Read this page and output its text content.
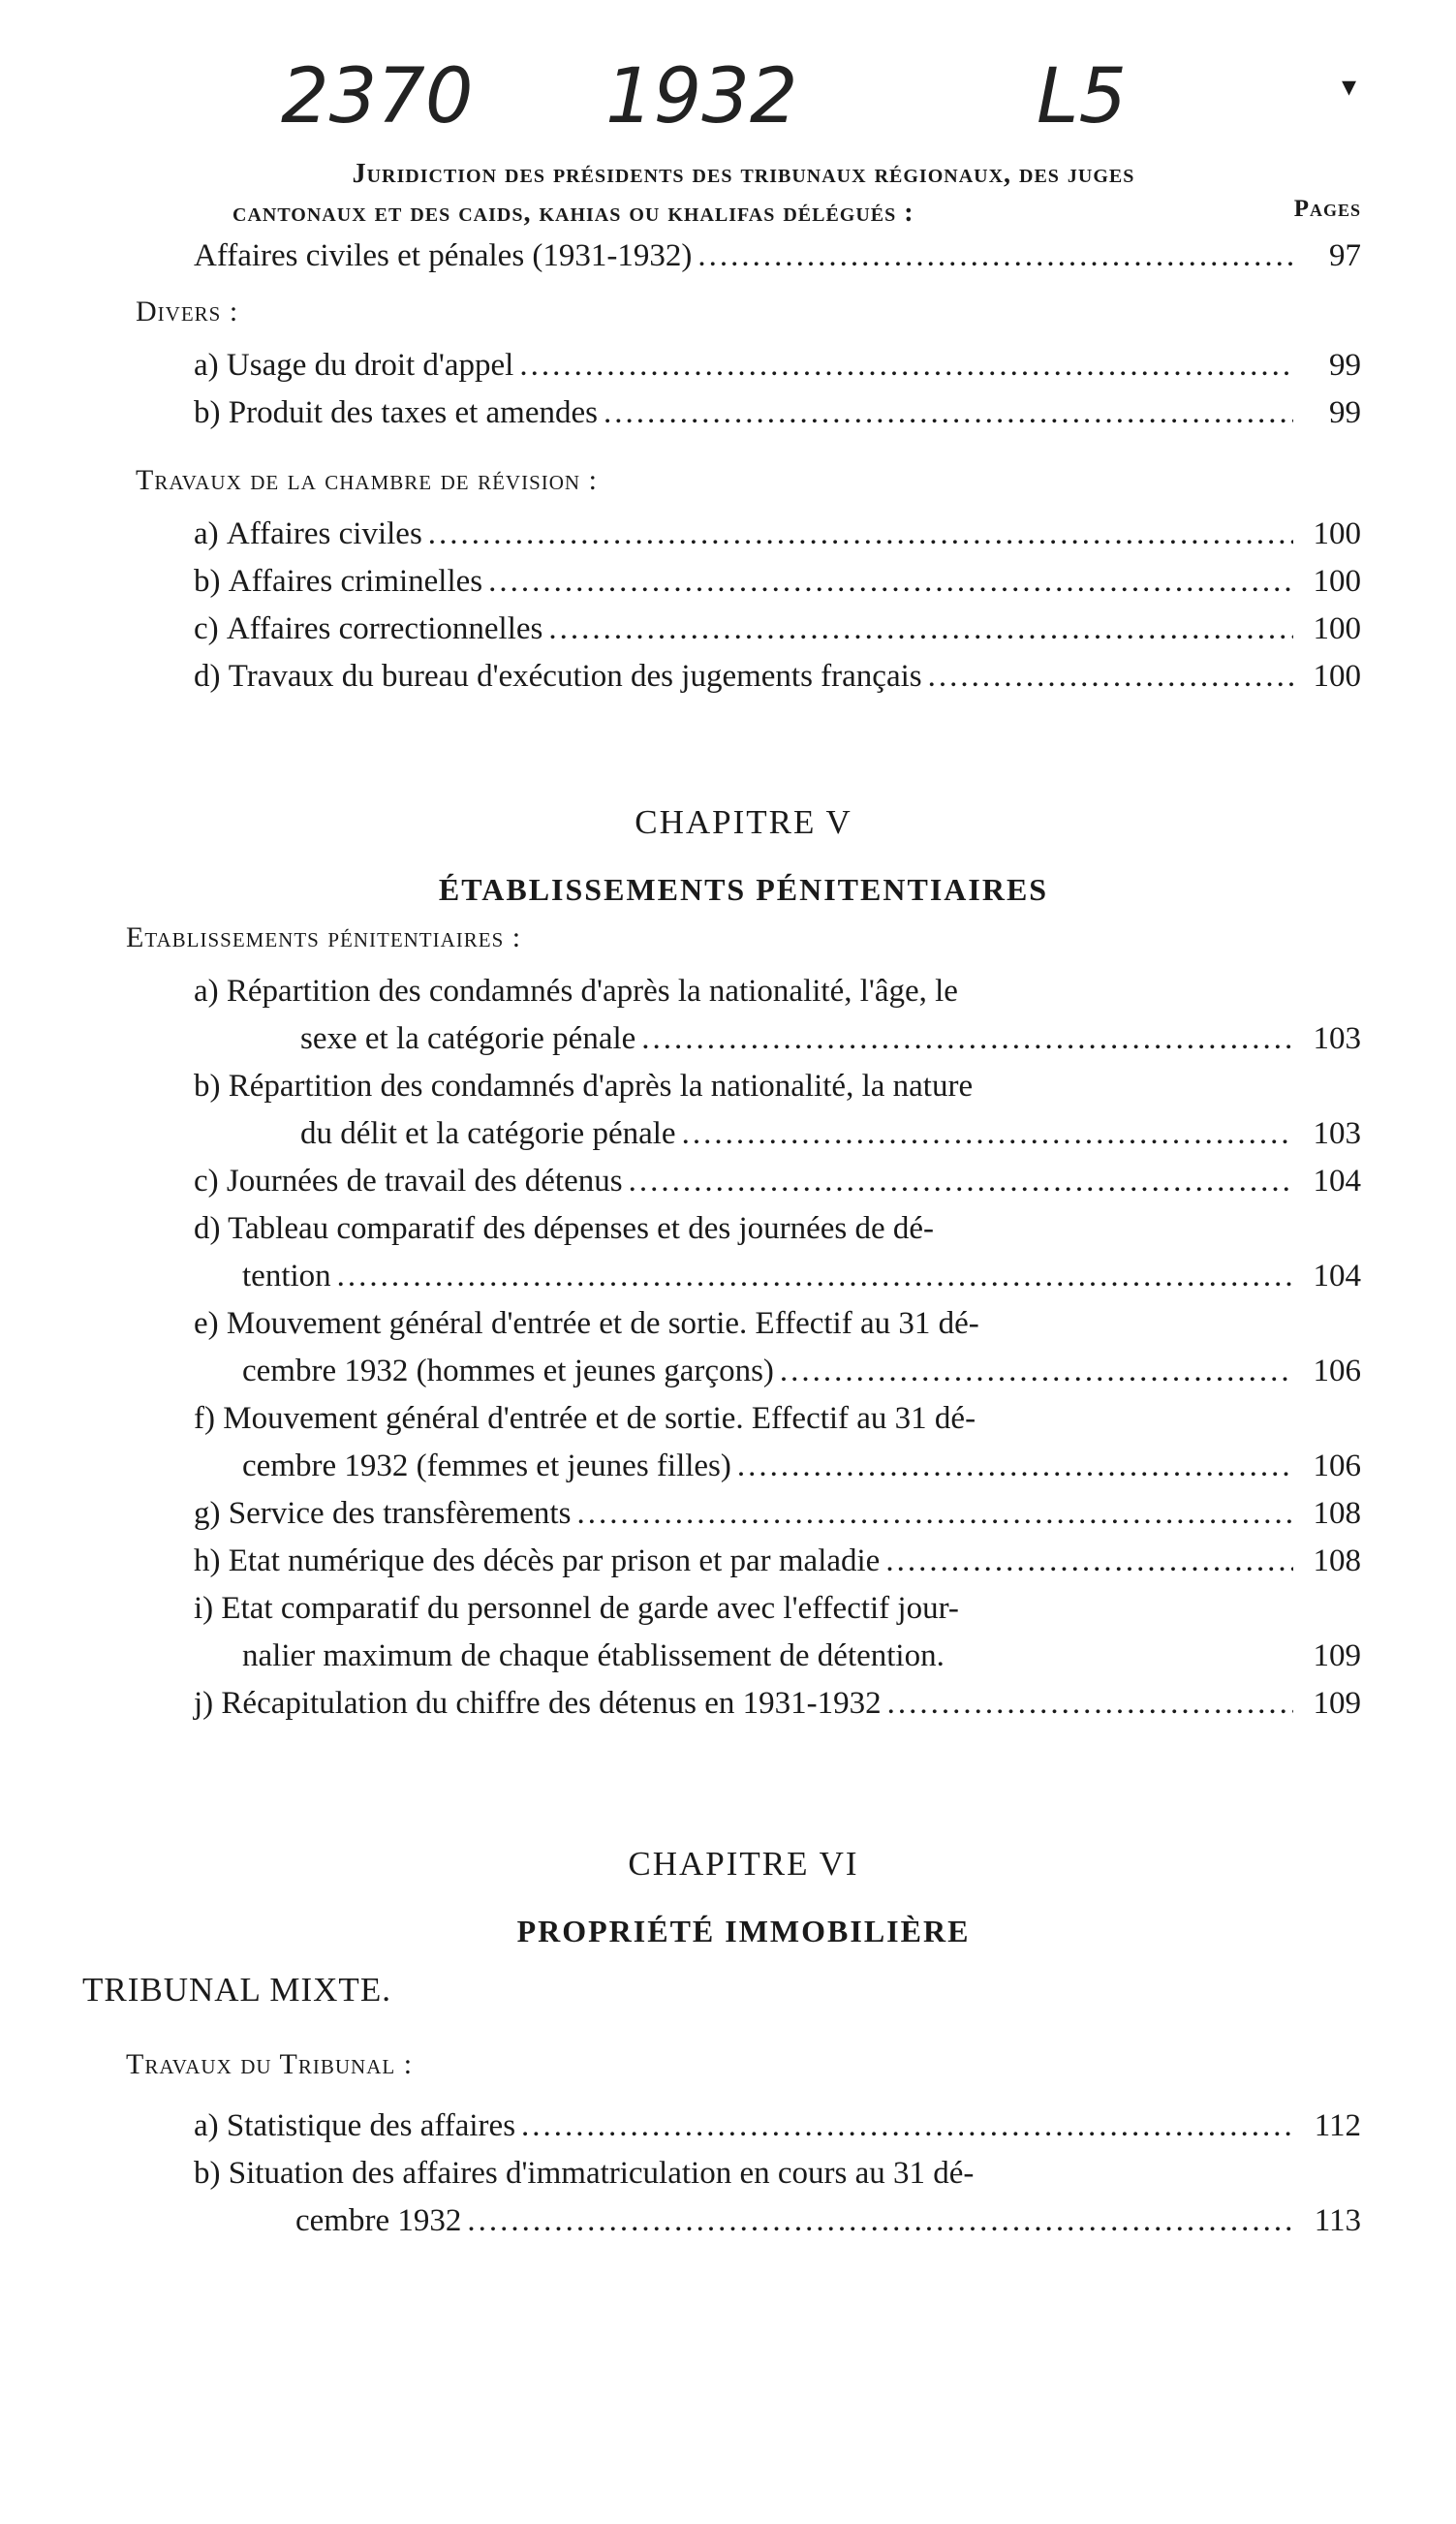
2370 1932	L5	▾
Juridiction des présidents des tribunaux régionaux, des juges
cantonaux et des caids, kahias ou khalifas délégués :	Pages
Affaires civiles et pénales (1931-1932) .....	97
Divers :
a)
Usage du droit d'appel .....	99
b)
Produit des taxes et amendes .....	99
Travaux de la chambre de révision :
a)
Affaires civiles .....	100
b)
Affaires criminelles .....	100
c)
Affaires correctionnelles .....	100
d)
Travaux du bureau d'exécution des jugements français .....	100
CHAPITRE V
ÉTABLISSEMENTS PÉNITENTIAIRES
Etablissements pénitentiaires :
a) Répartition des condamnés d'après la nationalité, l'âge, le
sexe et la catégorie pénale .....	103
b) Répartition des condamnés d'après la nationalité, la nature
du délit et la catégorie pénale .....	103
c)
Journées de travail des détenus .....	104
d) Tableau comparatif des dépenses et des journées de dé-
tention .....	104
e) Mouvement général d'entrée et de sortie. Effectif au 31 dé-
cembre 1932 (hommes et jeunes garçons) .....	106
f) Mouvement général d'entrée et de sortie. Effectif au 31 dé-
cembre 1932 (femmes et jeunes filles) .....	106
g)
Service des transfèrements .....	108
h)
Etat numérique des décès par prison et par maladie .....	108
i) Etat comparatif du personnel de garde avec l'effectif jour-
nalier maximum de chaque établissement de détention.	109
j)
Récapitulation du chiffre des détenus en 1931-1932 .....	109
CHAPITRE VI
PROPRIÉTÉ IMMOBILIÈRE
TRIBUNAL MIXTE.
Travaux du Tribunal :
a)
Statistique des affaires .....	112
b) Situation des affaires d'immatriculation en cours au 31 dé-
cembre 1932 .....	113
